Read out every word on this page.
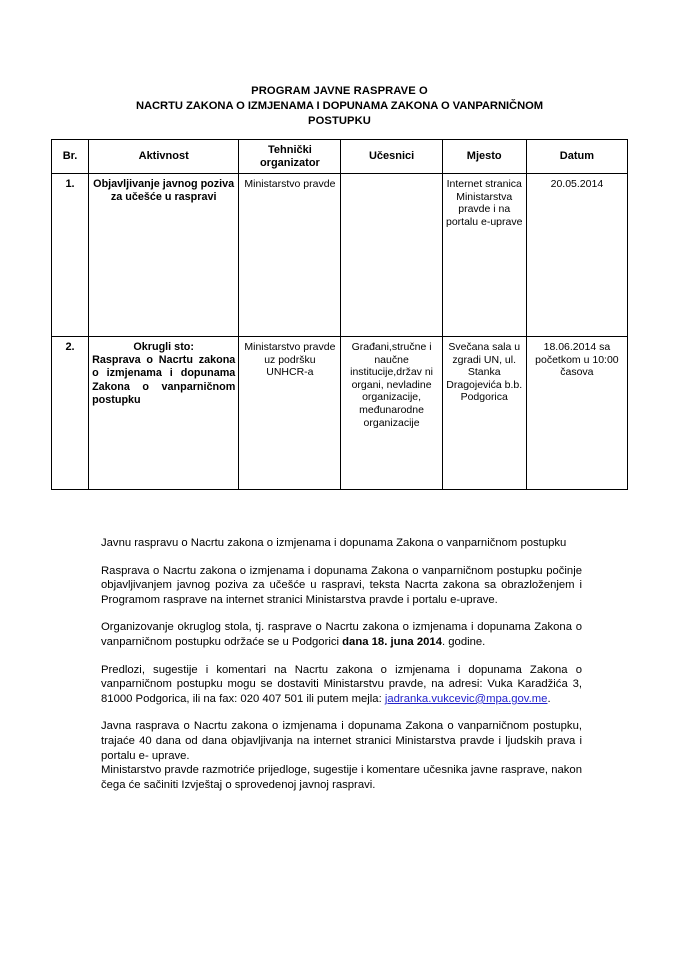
PROGRAM JAVNE RASPRAVE O
NACRTU ZAKONA O IZMJENAMA I DOPUNAMA ZAKONA O VANPARNIČNOM
POSTUPKU
Br.	Aktivnost	Tehnički
organizator	Učesnici	Mjesto	Datum
1.	Objavljivanje javnog poziva za učešće u raspravi	Ministarstvo pravde		Internet stranica Ministarstva pravde i na portalu e-uprave	20.05.2014
2.	Okrugli sto:
Rasprava o Nacrtu zakona o izmjenama i dopunama Zakona o vanparničnom postupku	Ministarstvo pravde uz podršku UNHCR-a	Građani,stručne i naučne institucije,držav ni organi, nevladine organizacije, međunarodne organizacije	Svečana sala u zgradi UN, ul. Stanka Dragojevića b.b. Podgorica	18.06.2014 sa početkom u 10:00 časova

Javnu raspravu o Nacrtu zakona o izmjenama i dopunama Zakona o vanparničnom postupku

Rasprava o Nacrtu zakona o izmjenama i dopunama Zakona o vanparničnom postupku počinje objavljivanjem javnog poziva za učešće u raspravi, teksta Nacrta zakona sa obrazloženjem i Programom rasprave na internet stranici Ministarstva pravde i portalu e-uprave.

Organizovanje okruglog stola, tj. rasprave o Nacrtu zakona o izmjenama i dopunama Zakona o vanparničnom postupku održaće se u Podgorici dana 18. juna 2014. godine.

Predlozi, sugestije i komentari na Nacrtu zakona o izmjenama i dopunama Zakona o vanparničnom postupku mogu se dostaviti Ministarstvu pravde, na adresi: Vuka Karadžića 3, 81000 Podgorica, ili na fax: 020 407 501 ili putem mejla: jadranka.vukcevic@mpa.gov.me.

Javna rasprava o Nacrtu zakona o izmjenama i dopunama Zakona o vanparničnom postupku, trajaće 40 dana od dana objavljivanja na internet stranici Ministarstva pravde i ljudskih prava i portalu e- uprave.

Ministarstvo pravde razmotriće prijedloge, sugestije i komentare učesnika javne rasprave, nakon čega će sačiniti Izvještaj o sprovedenoj javnoj raspravi.
